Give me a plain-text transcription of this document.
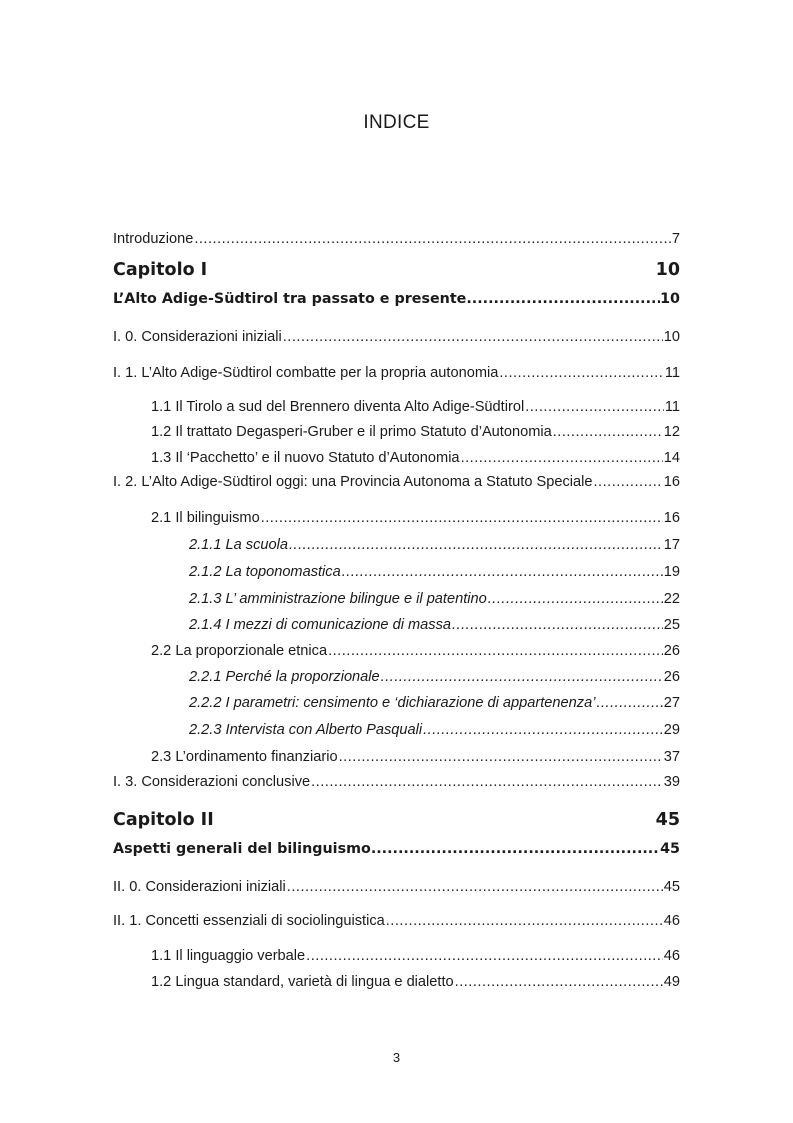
INDICE
Introduzione .....	7
Capitolo I	10
L’Alto Adige-Südtirol tra passato e presente .....	10
I. 0. Considerazioni iniziali .....	10
I. 1. L’Alto Adige-Südtirol combatte per la propria autonomia .....	11
1.1 Il Tirolo a sud del Brennero diventa Alto Adige-Südtirol .....	11
1.2 Il trattato Degasperi-Gruber e il primo Statuto d’Autonomia .....	12
1.3 Il ‘Pacchetto’ e il nuovo Statuto d’Autonomia .....	14
I. 2. L’Alto Adige-Südtirol oggi: una Provincia Autonoma a Statuto Speciale .....	16
2.1 Il bilinguismo .....	16
2.1.1 La scuola .....	17
2.1.2 La toponomastica .....	19
2.1.3 L’ amministrazione bilingue e il patentino .....	22
2.1.4 I mezzi di comunicazione di massa .....	25
2.2 La proporzionale etnica .....	26
2.2.1 Perché la proporzionale .....	26
2.2.2 I parametri: censimento e ‘dichiarazione di appartenenza’ .....	27
2.2.3 Intervista con Alberto Pasquali .....	29
2.3 L’ordinamento finanziario .....	37
I. 3. Considerazioni conclusive .....	39
Capitolo II	45
Aspetti generali del bilinguismo .....	45
II. 0. Considerazioni iniziali .....	45
II. 1. Concetti essenziali di sociolinguistica .....	46
1.1 Il linguaggio verbale .....	46
1.2 Lingua standard, varietà di lingua e dialetto .....	49
3
